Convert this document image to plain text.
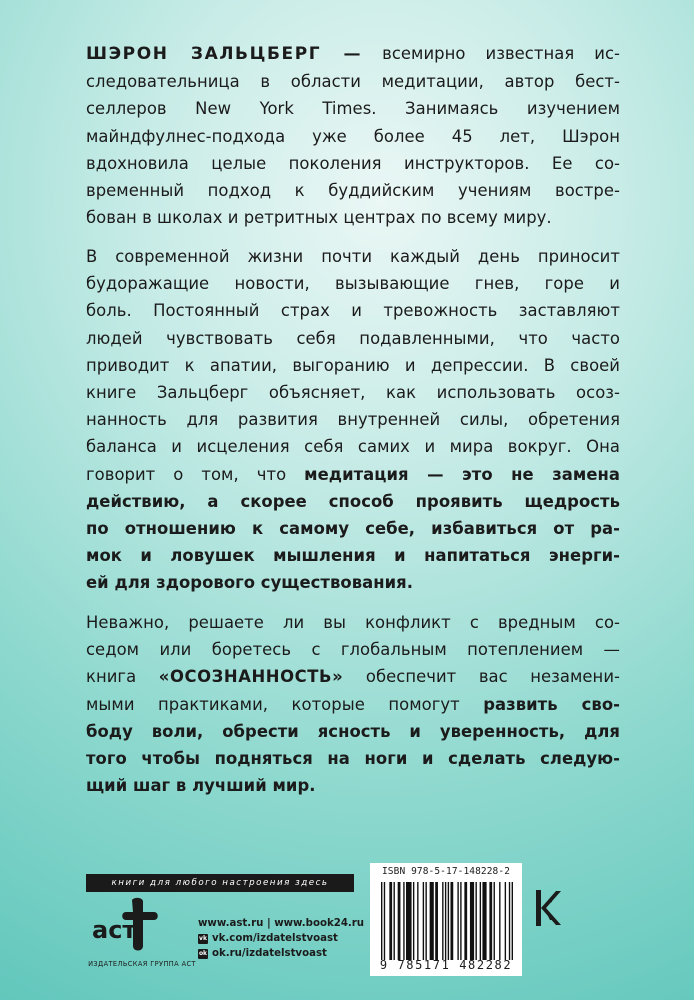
ШЭРОН ЗАЛЬЦБЕРГ — всемирно известная ис-
следовательница в области медитации, автор бест-
селлеров New York Times. Занимаясь изучением
майндфулнес-подхода уже более 45 лет, Шэрон
вдохновила целые поколения инструкторов. Ее со-
временный подход к буддийским учениям востре-
бован в школах и ретритных центрах по всему миру.
В современной жизни почти каждый день приносит
будоражащие новости, вызывающие гнев, горе и
боль. Постоянный страх и тревожность заставляют
людей чувствовать себя подавленными, что часто
приводит к апатии, выгоранию и депрессии. В своей
книге Зальцберг объясняет, как использовать осоз-
нанность для развития внутренней силы, обретения
баланса и исцеления себя самих и мира вокруг. Она
говорит о том, что медитация — это не замена
действию, а скорее способ проявить щедрость
по отношению к самому себе, избавиться от ра-
мок и ловушек мышления и напитаться энерги-
ей для здорового существования.
Неважно, решаете ли вы конфликт с вредным со-
седом или боретесь с глобальным потеплением —
книга «ОСОЗНАННОСТЬ» обеспечит вас незамени-
мыми практиками, которые помогут развить сво-
боду воли, обрести ясность и уверенность, для
того чтобы подняться на ноги и сделать следую-
щий шаг в лучший мир.
книги для любого настроения здесь
аст
ИЗДАТЕЛЬСКАЯ ГРУППА АСТ
www.ast.ru | www.book24.ru
vk vk.com/izdatelstvoast
ok ok.ru/izdatelstvoast
ISBN 978-5-17-148228-2
9 785171 482282
